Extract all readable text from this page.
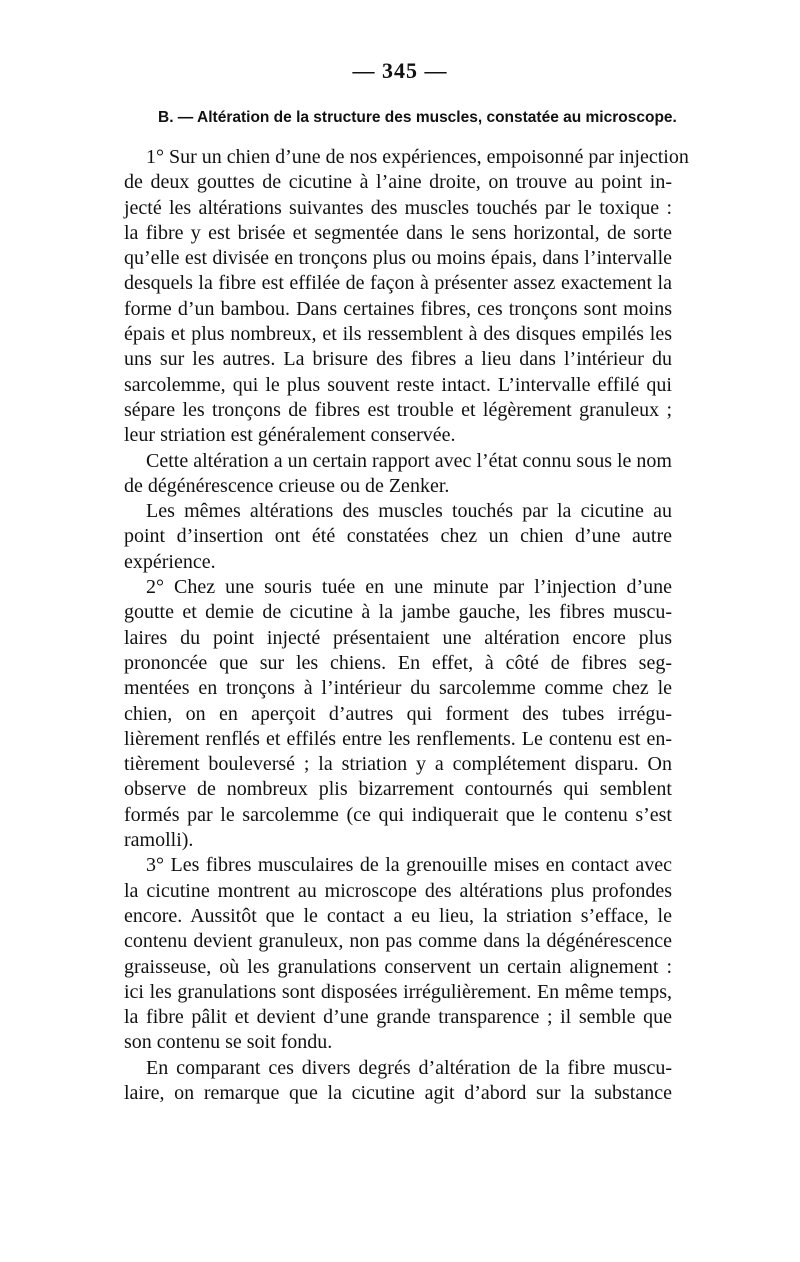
— 345 —
B. — Altération de la structure des muscles, constatée au microscope.
1° Sur un chien d’une de nos expériences, empoisonné par injection
de deux gouttes de cicutine à l’aine droite, on trouve au point in-
jecté les altérations suivantes des muscles touchés par le toxique :
la fibre y est brisée et segmentée dans le sens horizontal, de sorte
qu’elle est divisée en tronçons plus ou moins épais, dans l’intervalle
desquels la fibre est effilée de façon à présenter assez exactement la
forme d’un bambou. Dans certaines fibres, ces tronçons sont moins
épais et plus nombreux, et ils ressemblent à des disques empilés les
uns sur les autres. La brisure des fibres a lieu dans l’intérieur du
sarcolemme, qui le plus souvent reste intact. L’intervalle effilé qui
sépare les tronçons de fibres est trouble et légèrement granuleux ;
leur striation est généralement conservée.
Cette altération a un certain rapport avec l’état connu sous le nom
de dégénérescence crieuse ou de Zenker.
Les mêmes altérations des muscles touchés par la cicutine au
point d’insertion ont été constatées chez un chien d’une autre
expérience.
2° Chez une souris tuée en une minute par l’injection d’une
goutte et demie de cicutine à la jambe gauche, les fibres muscu-
laires du point injecté présentaient une altération encore plus
prononcée que sur les chiens. En effet, à côté de fibres seg-
mentées en tronçons à l’intérieur du sarcolemme comme chez le
chien, on en aperçoit d’autres qui forment des tubes irrégu-
lièrement renflés et effilés entre les renflements. Le contenu est en-
tièrement bouleversé ; la striation y a complétement disparu. On
observe de nombreux plis bizarrement contournés qui semblent
formés par le sarcolemme (ce qui indiquerait que le contenu s’est
ramolli).
3° Les fibres musculaires de la grenouille mises en contact avec
la cicutine montrent au microscope des altérations plus profondes
encore. Aussitôt que le contact a eu lieu, la striation s’efface, le
contenu devient granuleux, non pas comme dans la dégénérescence
graisseuse, où les granulations conservent un certain alignement :
ici les granulations sont disposées irrégulièrement. En même temps,
la fibre pâlit et devient d’une grande transparence ; il semble que
son contenu se soit fondu.
En comparant ces divers degrés d’altération de la fibre muscu-
laire, on remarque que la cicutine agit d’abord sur la substance
